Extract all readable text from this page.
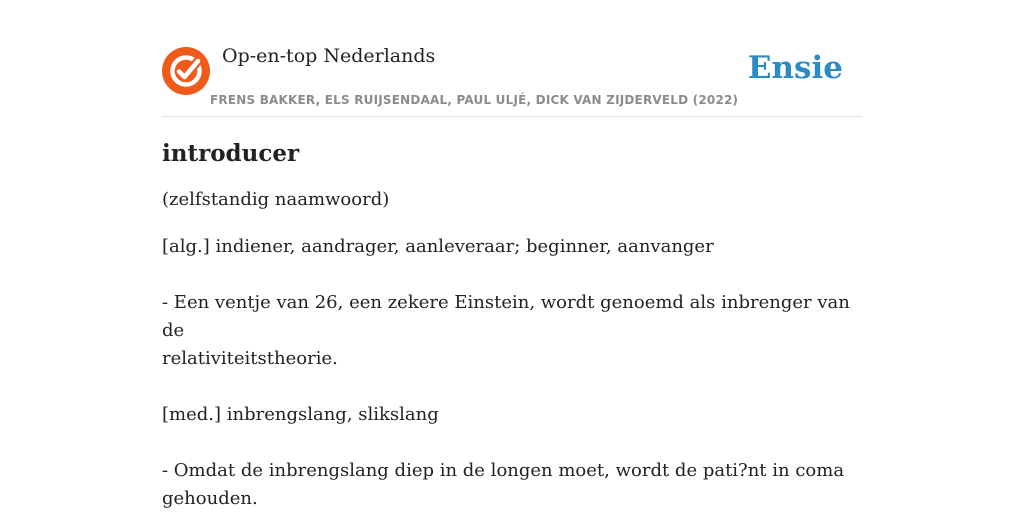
Op-en-top Nederlands
FRENS BAKKER, ELS RUIJSENDAAL, PAUL ULJÉ, DICK VAN ZIJDERVELD (2022)
Ensie
introducer
(zelfstandig naamwoord)
[alg.] indiener, aandrager, aanleveraar; beginner, aanvanger
- Een ventje van 26, een zekere Einstein, wordt genoemd als inbrenger van de
relativiteitstheorie.
[med.] inbrengslang, slikslang
- Omdat de inbrengslang diep in de longen moet, wordt de pati?nt in coma
gehouden.
